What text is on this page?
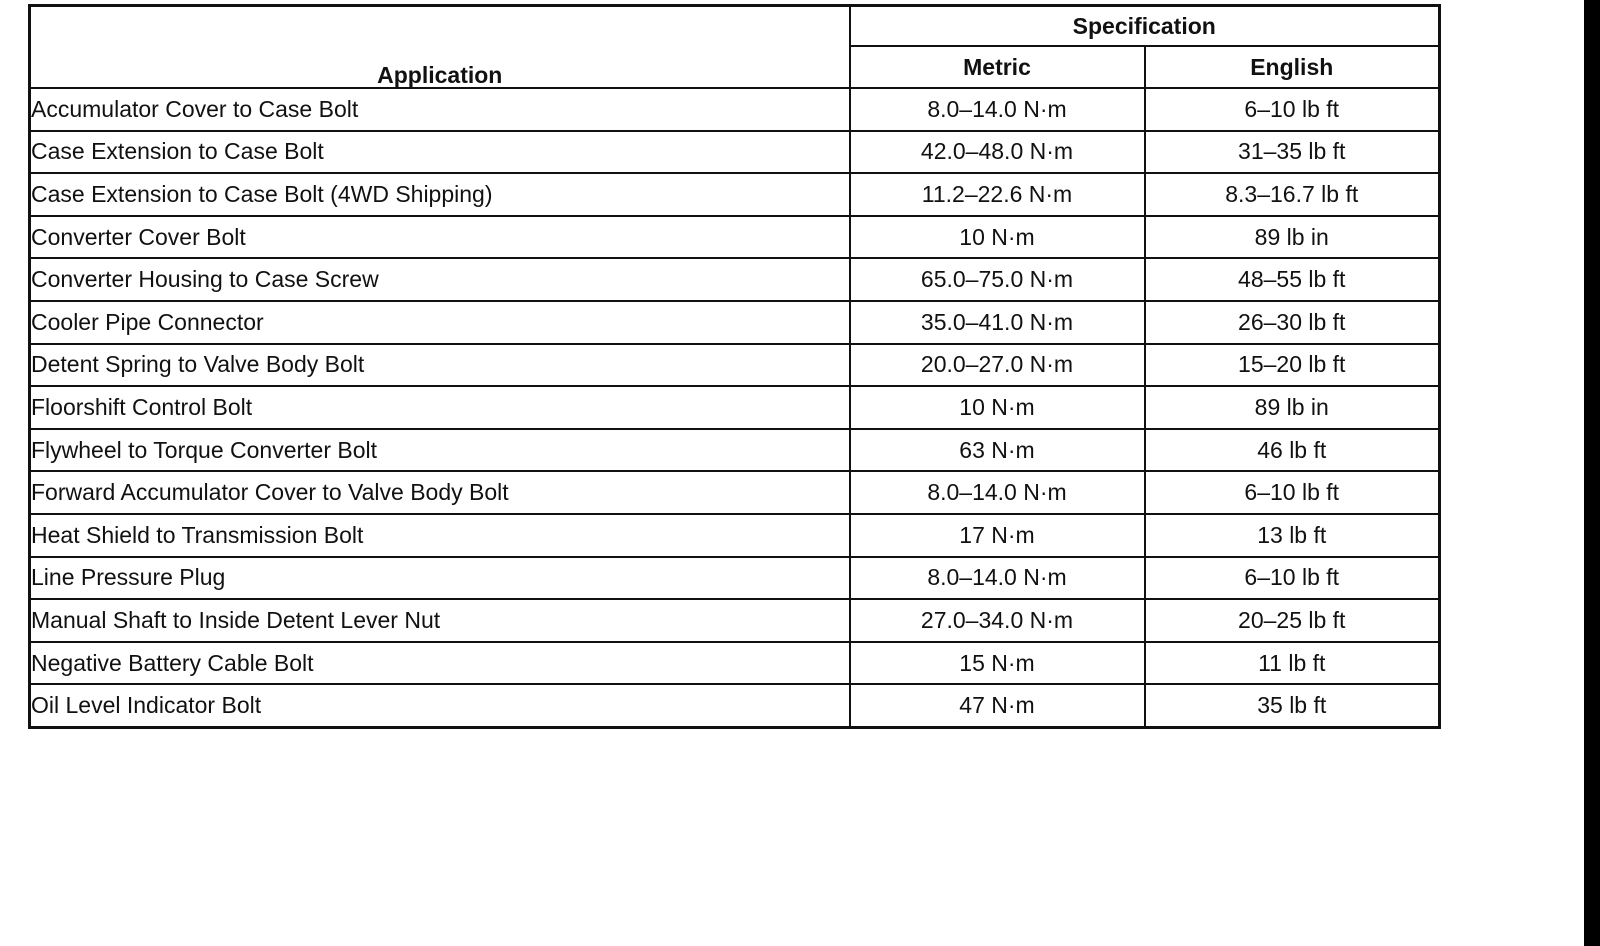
Application	Specification	
	Metric	English
Accumulator Cover to Case Bolt	8.0–14.0 N·m	6–10 lb ft
Case Extension to Case Bolt	42.0–48.0 N·m	31–35 lb ft
Case Extension to Case Bolt (4WD Shipping)	11.2–22.6 N·m	8.3–16.7 lb ft
Converter Cover Bolt	10 N·m	89 lb in
Converter Housing to Case Screw	65.0–75.0 N·m	48–55 lb ft
Cooler Pipe Connector	35.0–41.0 N·m	26–30 lb ft
Detent Spring to Valve Body Bolt	20.0–27.0 N·m	15–20 lb ft
Floorshift Control Bolt	10 N·m	89 lb in
Flywheel to Torque Converter Bolt	63 N·m	46 lb ft
Forward Accumulator Cover to Valve Body Bolt	8.0–14.0 N·m	6–10 lb ft
Heat Shield to Transmission Bolt	17 N·m	13 lb ft
Line Pressure Plug	8.0–14.0 N·m	6–10 lb ft
Manual Shaft to Inside Detent Lever Nut	27.0–34.0 N·m	20–25 lb ft
Negative Battery Cable Bolt	15 N·m	11 lb ft
Oil Level Indicator Bolt	47 N·m	35 lb ft
